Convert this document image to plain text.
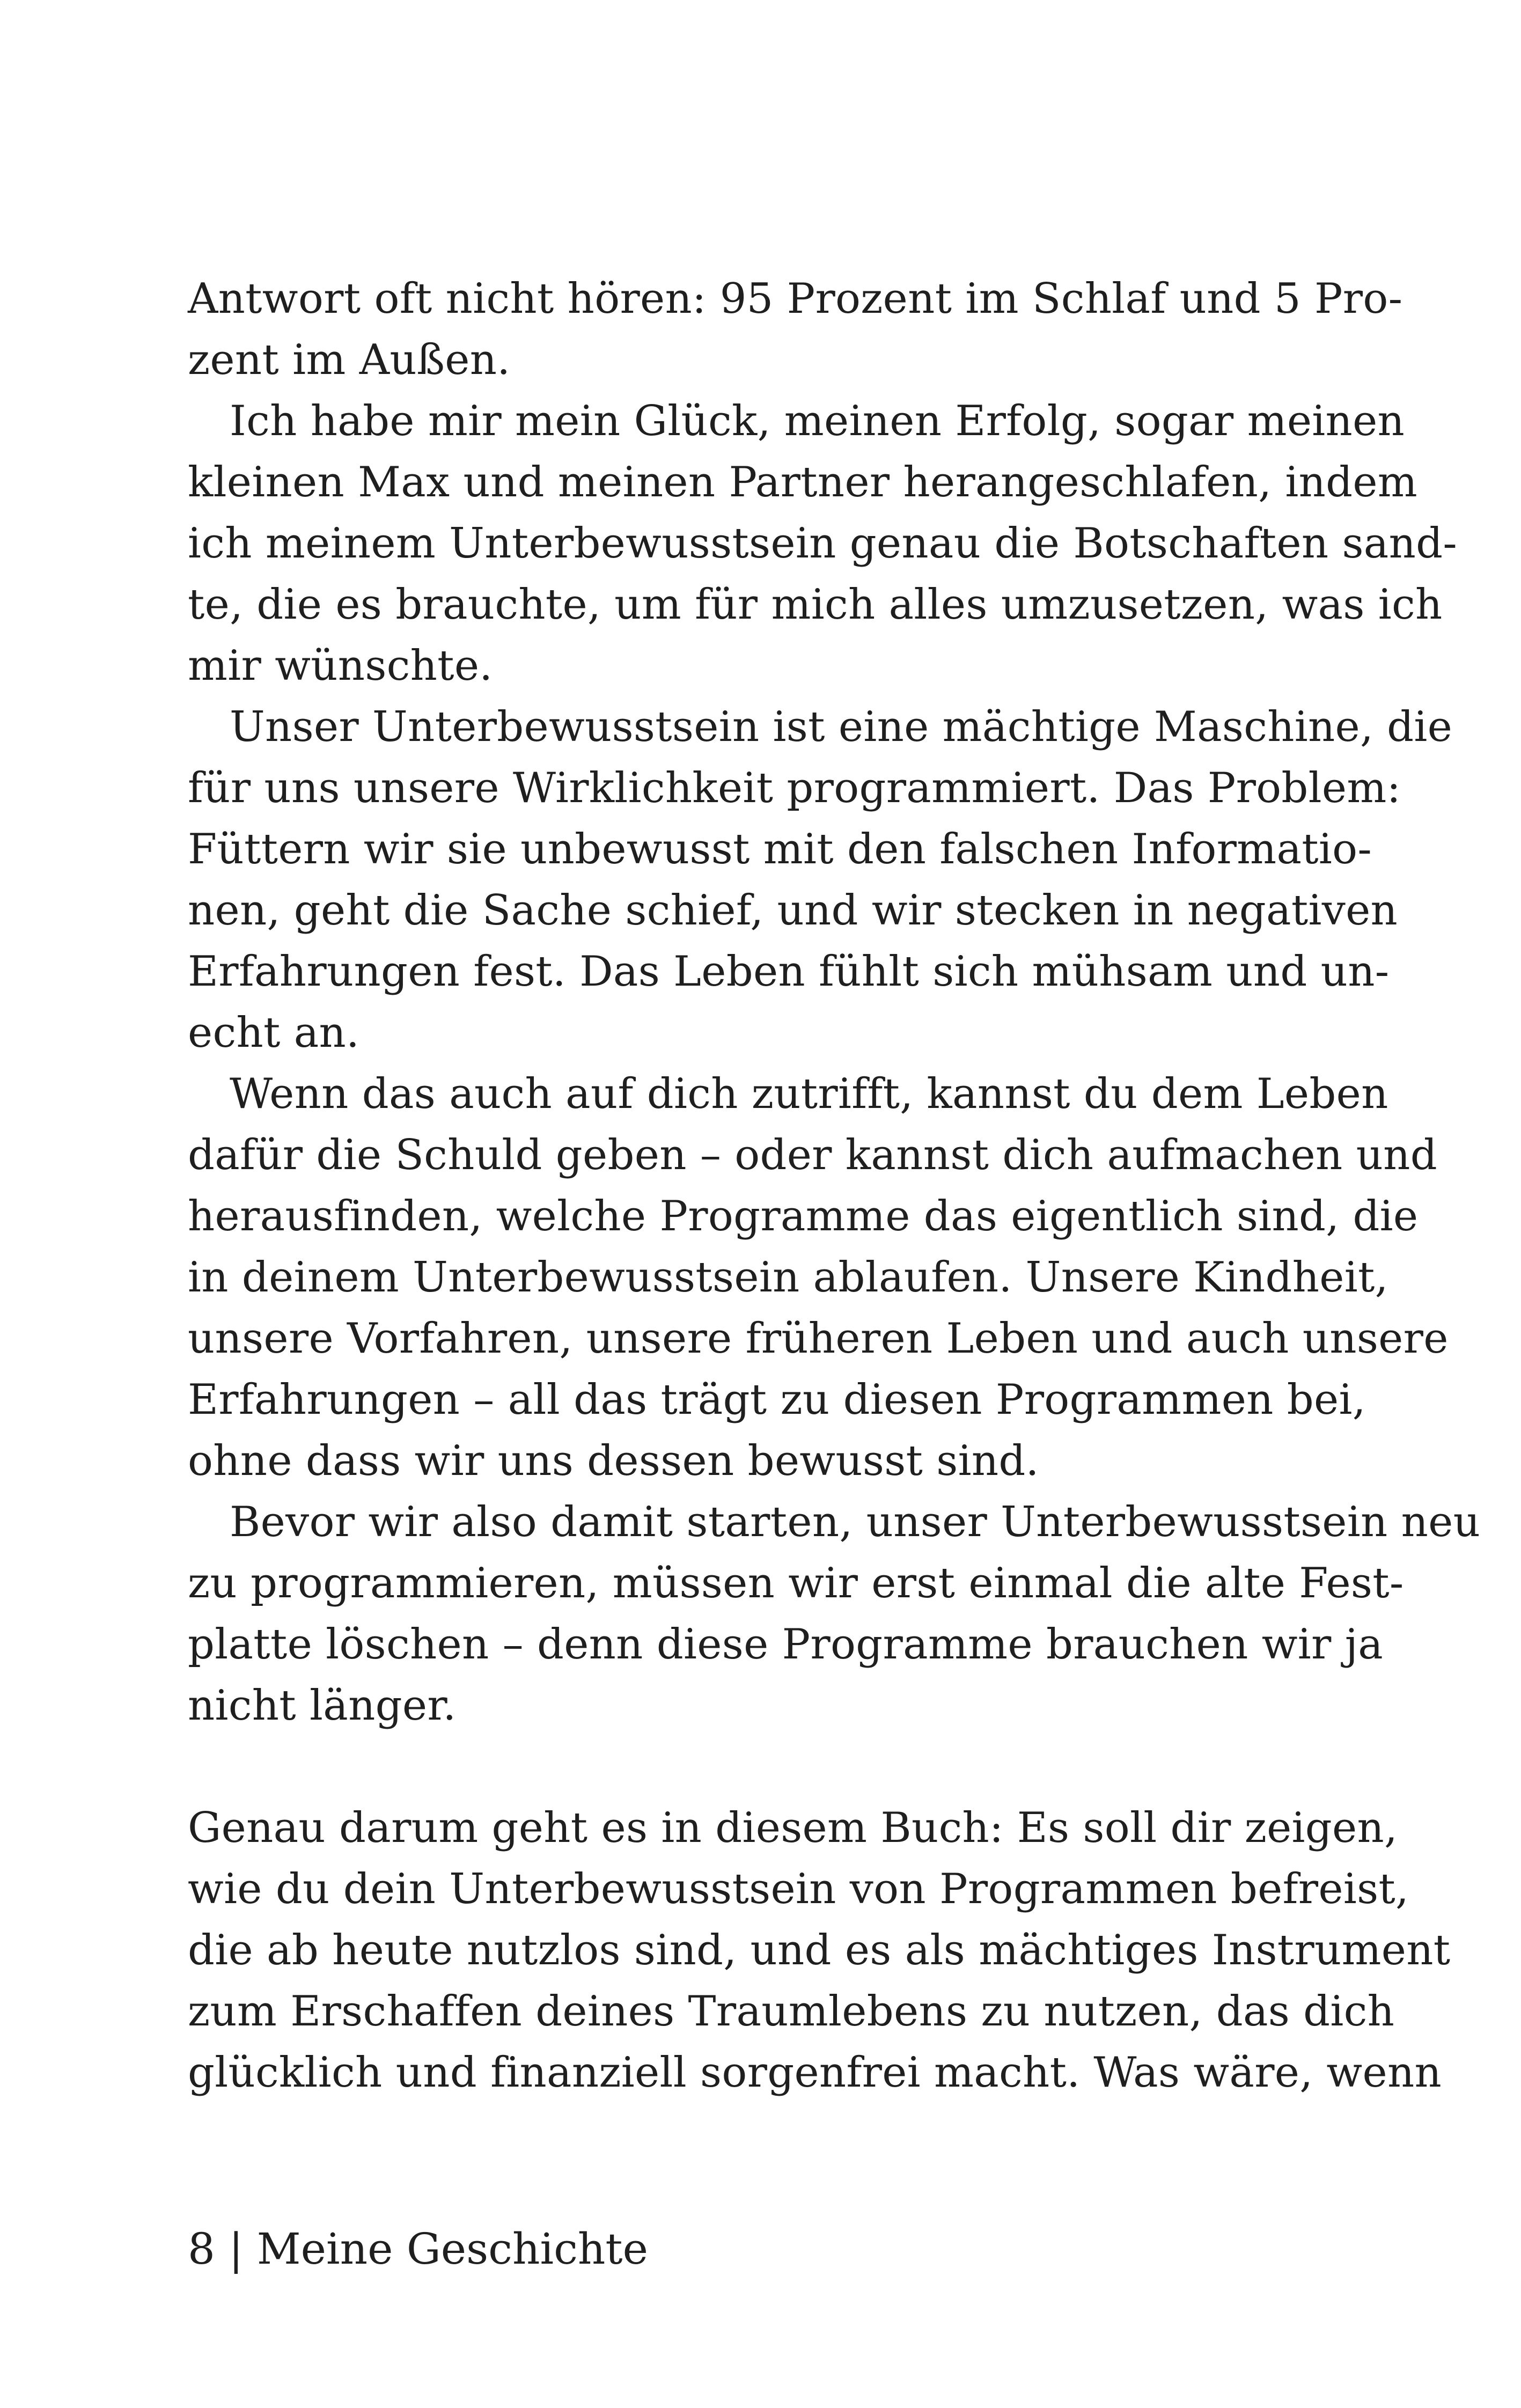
Antwort oft nicht hören: 95 Prozent im Schlaf und 5 Pro-
zent im Außen.
Ich habe mir mein Glück, meinen Erfolg, sogar meinen
kleinen Max und meinen Partner herangeschlafen, indem
ich meinem Unterbewusstsein genau die Botschaften sand-
te, die es brauchte, um für mich alles umzusetzen, was ich
mir wünschte.
Unser Unterbewusstsein ist eine mächtige Maschine, die
für uns unsere Wirklichkeit programmiert. Das Problem:
Füttern wir sie unbewusst mit den falschen Informatio-
nen, geht die Sache schief, und wir stecken in negativen
Erfahrungen fest. Das Leben fühlt sich mühsam und un-
echt an.
Wenn das auch auf dich zutrifft, kannst du dem Leben
dafür die Schuld geben – oder kannst dich aufmachen und
herausfinden, welche Programme das eigentlich sind, die
in deinem Unterbewusstsein ablaufen. Unsere Kindheit,
unsere Vorfahren, unsere früheren Leben und auch unsere
Erfahrungen – all das trägt zu diesen Programmen bei,
ohne dass wir uns dessen bewusst sind.
Bevor wir also damit starten, unser Unterbewusstsein neu
zu programmieren, müssen wir erst einmal die alte Fest-
platte löschen – denn diese Programme brauchen wir ja
nicht länger.
Genau darum geht es in diesem Buch: Es soll dir zeigen,
wie du dein Unterbewusstsein von Programmen befreist,
die ab heute nutzlos sind, und es als mächtiges Instrument
zum Erschaffen deines Traumlebens zu nutzen, das dich
glücklich und finanziell sorgenfrei macht. Was wäre, wenn
8 | Meine Geschichte
